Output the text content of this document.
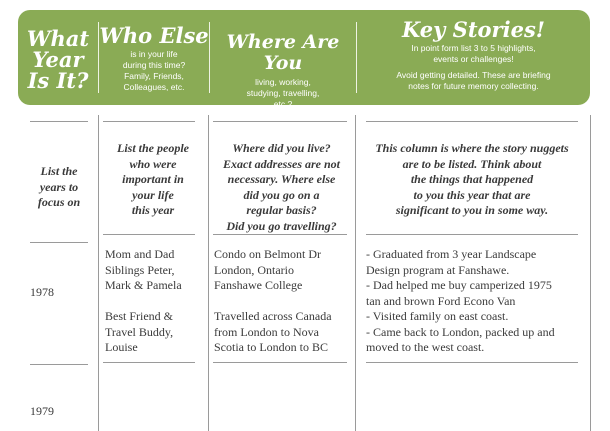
What
Year
Is It?
Who Else
is in your life
during this time?
Family, Friends,
Colleagues, etc.
Where Are You
living, working,
studying, travelling,
etc.?
Key Stories!
In point form list 3 to 5 highlights,
events or challenges!
Avoid getting detailed. These are briefing
notes for future memory collecting.
List the
years to
focus on
List the people
who were
important in
your life
this year
Where did you live?
Exact addresses are not
necessary. Where else
did you go on a
regular basis?
Did you go travelling?
This column is where the story nuggets
are to be listed. Think about
the things that happened
to you this year that are
significant to you in some way.
1978
Mom and Dad
Siblings Peter,
Mark & Pamela
Best Friend &
Travel Buddy,
Louise
Condo on Belmont Dr
London, Ontario
Fanshawe College
Travelled across Canada
from London to Nova
Scotia to London to BC
- Graduated from 3 year Landscape
Design program at Fanshawe.
- Dad helped me buy camperized 1975
tan and brown Ford Econo Van
- Visited family on east coast.
- Came back to London, packed up and
moved to the west coast.
1979
